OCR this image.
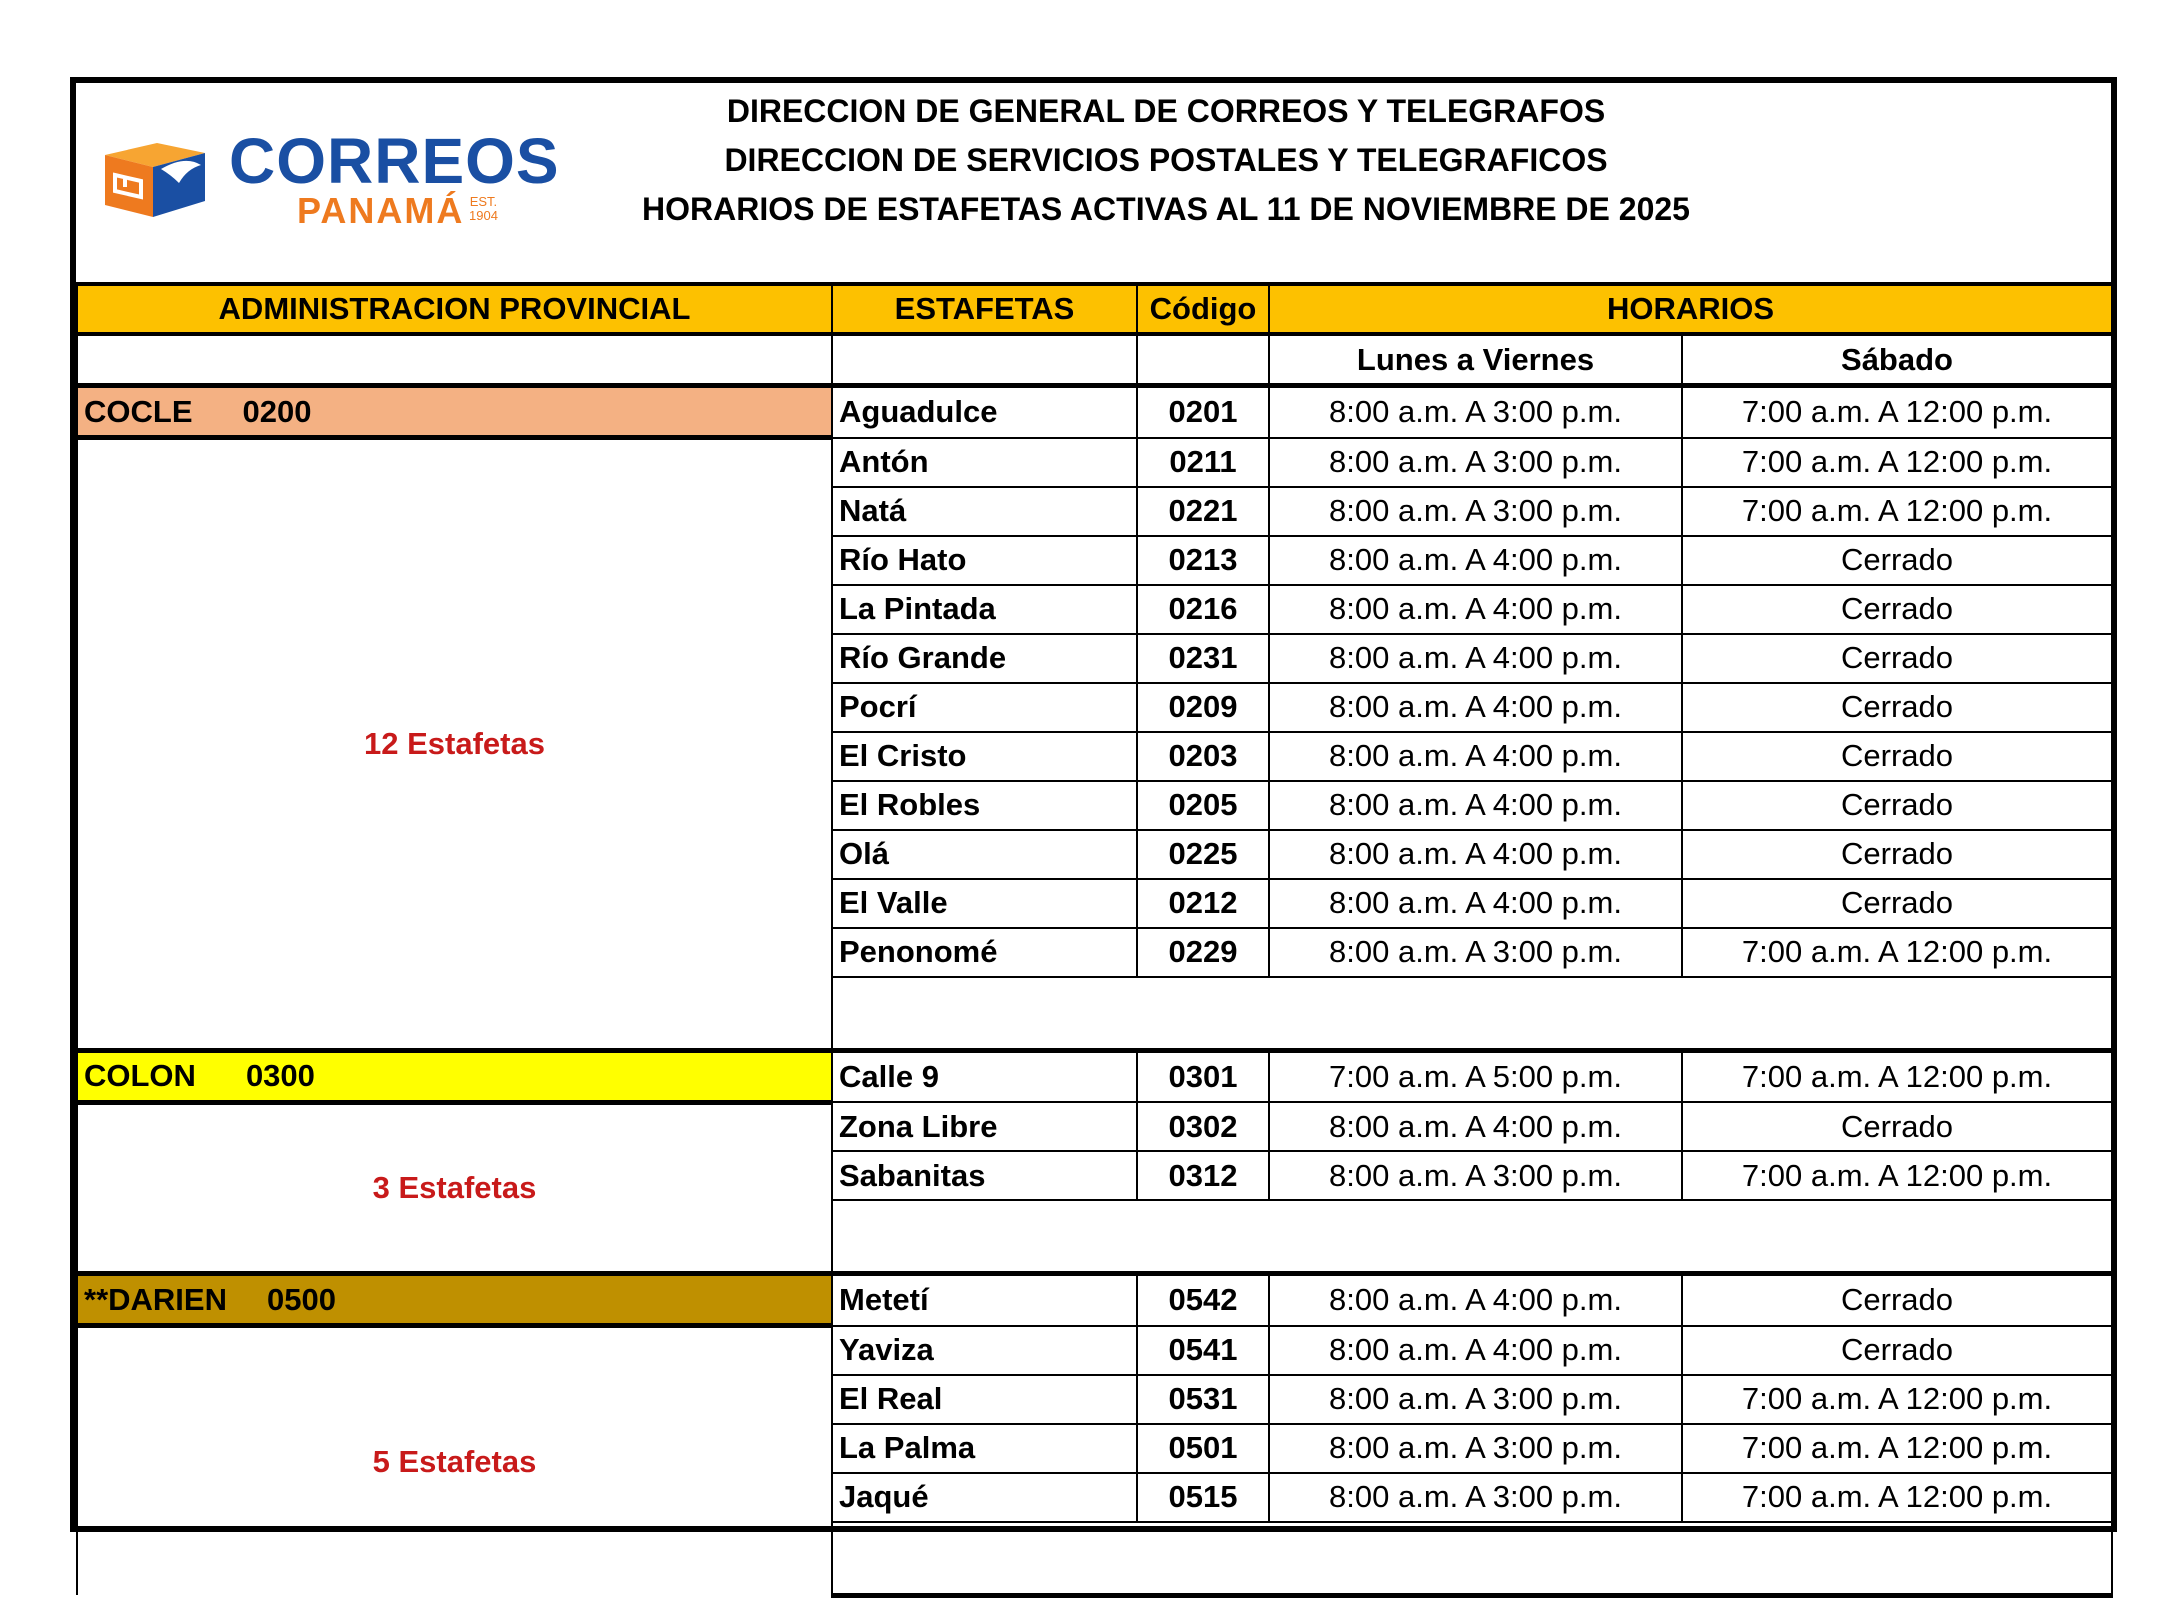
CORREOS
PANAMÁ EST.
1904
DIRECCION DE GENERAL DE CORREOS Y TELEGRAFOS
DIRECCION DE SERVICIOS POSTALES Y TELEGRAFICOS
HORARIOS DE ESTAFETAS ACTIVAS AL 11 DE NOVIEMBRE DE 2025
ADMINISTRACION PROVINCIAL	ESTAFETAS	Código	HORARIOS	
			Lunes a Viernes	Sábado
COCLE 0200	Aguadulce	0201	8:00 a.m. A 3:00 p.m.	7:00 a.m. A 12:00 p.m.
12 Estafetas	Antón	0211	8:00 a.m. A 3:00 p.m.	7:00 a.m. A 12:00 p.m.
	Natá	0221	8:00 a.m. A 3:00 p.m.	7:00 a.m. A 12:00 p.m.
	Río Hato	0213	8:00 a.m. A 4:00 p.m.	Cerrado
	La Pintada	0216	8:00 a.m. A 4:00 p.m.	Cerrado
	Río Grande	0231	8:00 a.m. A 4:00 p.m.	Cerrado
	Pocrí	0209	8:00 a.m. A 4:00 p.m.	Cerrado
	El Cristo	0203	8:00 a.m. A 4:00 p.m.	Cerrado
	El Robles	0205	8:00 a.m. A 4:00 p.m.	Cerrado
	Olá	0225	8:00 a.m. A 4:00 p.m.	Cerrado
	El Valle	0212	8:00 a.m. A 4:00 p.m.	Cerrado
	Penonomé	0229	8:00 a.m. A 3:00 p.m.	7:00 a.m. A 12:00 p.m.

COLON 0300	Calle 9	0301	7:00 a.m. A 5:00 p.m.	7:00 a.m. A 12:00 p.m.
3 Estafetas	Zona Libre	0302	8:00 a.m. A 4:00 p.m.	Cerrado
	Sabanitas	0312	8:00 a.m. A 3:00 p.m.	7:00 a.m. A 12:00 p.m.

**DARIEN 0500	Metetí	0542	8:00 a.m. A 4:00 p.m.	Cerrado
5 Estafetas	Yaviza	0541	8:00 a.m. A 4:00 p.m.	Cerrado
	El Real	0531	8:00 a.m. A 3:00 p.m.	7:00 a.m. A 12:00 p.m.
	La Palma	0501	8:00 a.m. A 3:00 p.m.	7:00 a.m. A 12:00 p.m.
	Jaqué	0515	8:00 a.m. A 3:00 p.m.	7:00 a.m. A 12:00 p.m.
